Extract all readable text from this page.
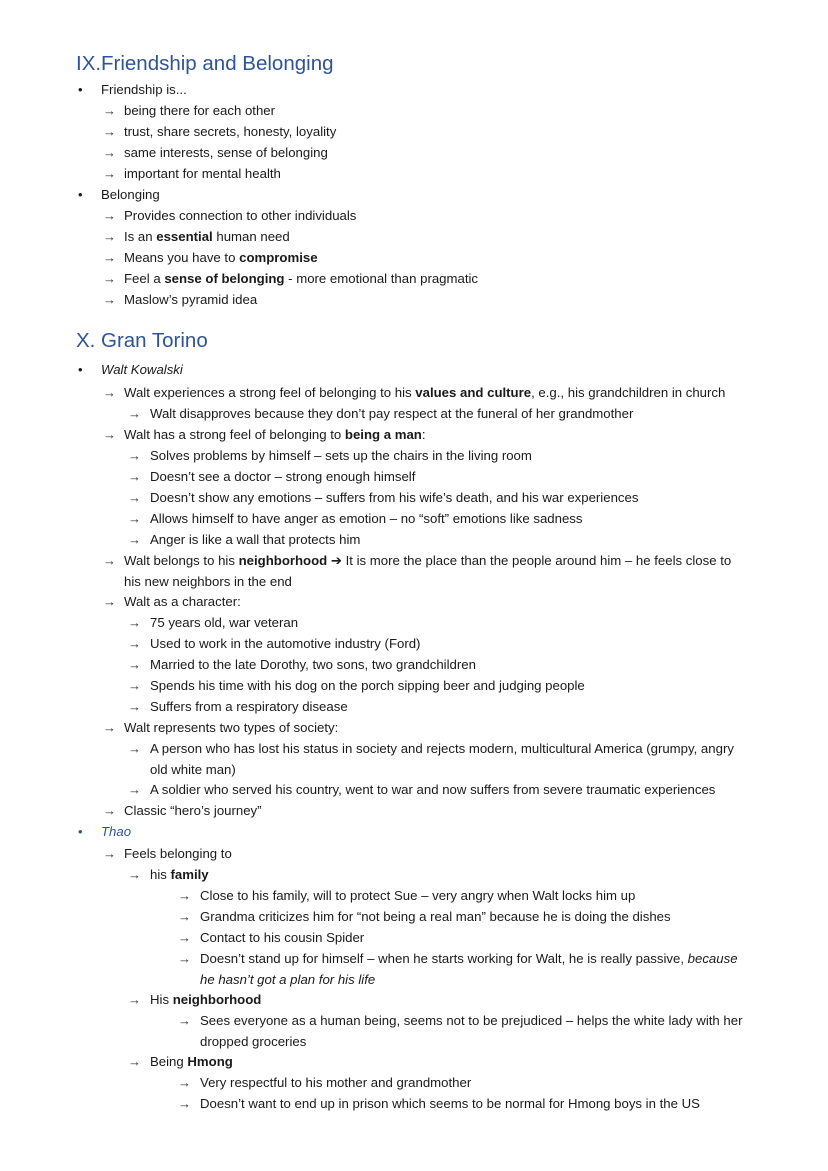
IX.Friendship and Belonging
• Friendship is...
→ being there for each other
→ trust, share secrets, honesty, loyality
→ same interests, sense of belonging
→ important for mental health
• Belonging
→ Provides connection to other individuals
→ Is an essential human need
→ Means you have to compromise
→ Feel a sense of belonging - more emotional than pragmatic
→ Maslow’s pyramid idea
X. Gran Torino
• Walt Kowalski
→ Walt experiences a strong feel of belonging to his values and culture, e.g., his grandchildren in church
→ Walt disapproves because they don’t pay respect at the funeral of her grandmother
→ Walt has a strong feel of belonging to being a man:
→ Solves problems by himself – sets up the chairs in the living room
→ Doesn’t see a doctor – strong enough himself
→ Doesn’t show any emotions – suffers from his wife’s death, and his war experiences
→ Allows himself to have anger as emotion – no “soft” emotions like sadness
→ Anger is like a wall that protects him
→ Walt belongs to his neighborhood ➔ It is more the place than the people around him – he feels close to
his new neighbors in the end
→ Walt as a character:
→ 75 years old, war veteran
→ Used to work in the automotive industry (Ford)
→ Married to the late Dorothy, two sons, two grandchildren
→ Spends his time with his dog on the porch sipping beer and judging people
→ Suffers from a respiratory disease
→ Walt represents two types of society:
→ A person who has lost his status in society and rejects modern, multicultural America (grumpy, angry
old white man)
→ A soldier who served his country, went to war and now suffers from severe traumatic experiences
→ Classic “hero’s journey”
• Thao
→ Feels belonging to
→ his family
→ Close to his family, will to protect Sue – very angry when Walt locks him up
→ Grandma criticizes him for “not being a real man” because he is doing the dishes
→ Contact to his cousin Spider
→ Doesn’t stand up for himself – when he starts working for Walt, he is really passive, because
he hasn’t got a plan for his life
→ His neighborhood
→ Sees everyone as a human being, seems not to be prejudiced – helps the white lady with her
dropped groceries
→ Being Hmong
→ Very respectful to his mother and grandmother
→ Doesn’t want to end up in prison which seems to be normal for Hmong boys in the US
